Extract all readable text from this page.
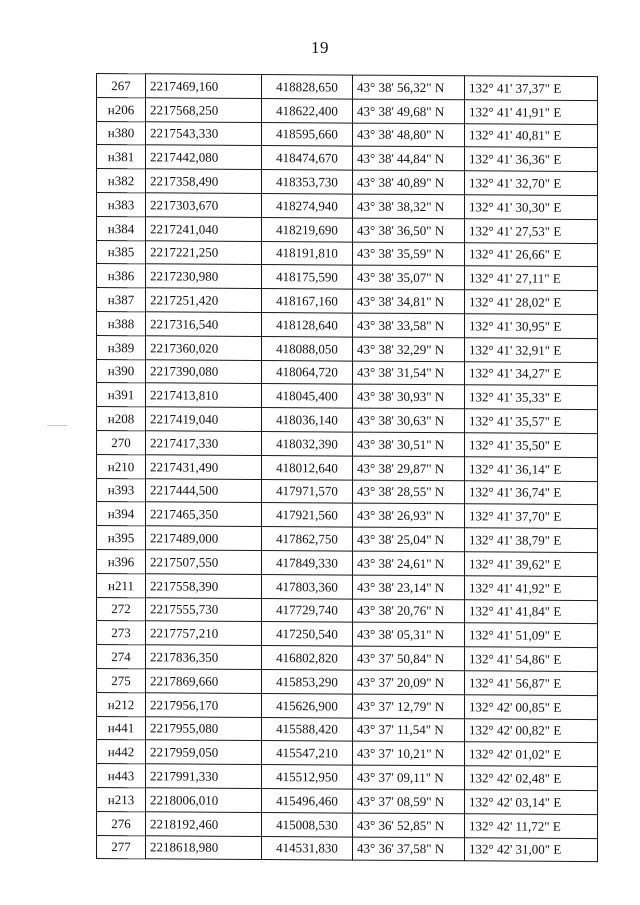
19
267	2217469,160	418828,650	43° 38' 56,32" N	132° 41' 37,37" E
н206	2217568,250	418622,400	43° 38' 49,68" N	132° 41' 41,91" E
н380	2217543,330	418595,660	43° 38' 48,80" N	132° 41' 40,81" E
н381	2217442,080	418474,670	43° 38' 44,84" N	132° 41' 36,36" E
н382	2217358,490	418353,730	43° 38' 40,89" N	132° 41' 32,70" E
н383	2217303,670	418274,940	43° 38' 38,32" N	132° 41' 30,30" E
н384	2217241,040	418219,690	43° 38' 36,50" N	132° 41' 27,53" E
н385	2217221,250	418191,810	43° 38' 35,59" N	132° 41' 26,66" E
н386	2217230,980	418175,590	43° 38' 35,07" N	132° 41' 27,11" E
н387	2217251,420	418167,160	43° 38' 34,81" N	132° 41' 28,02" E
н388	2217316,540	418128,640	43° 38' 33,58" N	132° 41' 30,95" E
н389	2217360,020	418088,050	43° 38' 32,29" N	132° 41' 32,91" E
н390	2217390,080	418064,720	43° 38' 31,54" N	132° 41' 34,27" E
н391	2217413,810	418045,400	43° 38' 30,93" N	132° 41' 35,33" E
н208	2217419,040	418036,140	43° 38' 30,63" N	132° 41' 35,57" E
270	2217417,330	418032,390	43° 38' 30,51" N	132° 41' 35,50" E
н210	2217431,490	418012,640	43° 38' 29,87" N	132° 41' 36,14" E
н393	2217444,500	417971,570	43° 38' 28,55" N	132° 41' 36,74" E
н394	2217465,350	417921,560	43° 38' 26,93" N	132° 41' 37,70" E
н395	2217489,000	417862,750	43° 38' 25,04" N	132° 41' 38,79" E
н396	2217507,550	417849,330	43° 38' 24,61" N	132° 41' 39,62" E
н211	2217558,390	417803,360	43° 38' 23,14" N	132° 41' 41,92" E
272	2217555,730	417729,740	43° 38' 20,76" N	132° 41' 41,84" E
273	2217757,210	417250,540	43° 38' 05,31" N	132° 41' 51,09" E
274	2217836,350	416802,820	43° 37' 50,84" N	132° 41' 54,86" E
275	2217869,660	415853,290	43° 37' 20,09" N	132° 41' 56,87" E
н212	2217956,170	415626,900	43° 37' 12,79" N	132° 42' 00,85" E
н441	2217955,080	415588,420	43° 37' 11,54" N	132° 42' 00,82" E
н442	2217959,050	415547,210	43° 37' 10,21" N	132° 42' 01,02" E
н443	2217991,330	415512,950	43° 37' 09,11" N	132° 42' 02,48" E
н213	2218006,010	415496,460	43° 37' 08,59" N	132° 42' 03,14" E
276	2218192,460	415008,530	43° 36' 52,85" N	132° 42' 11,72" E
277	2218618,980	414531,830	43° 36' 37,58" N	132° 42' 31,00" E
